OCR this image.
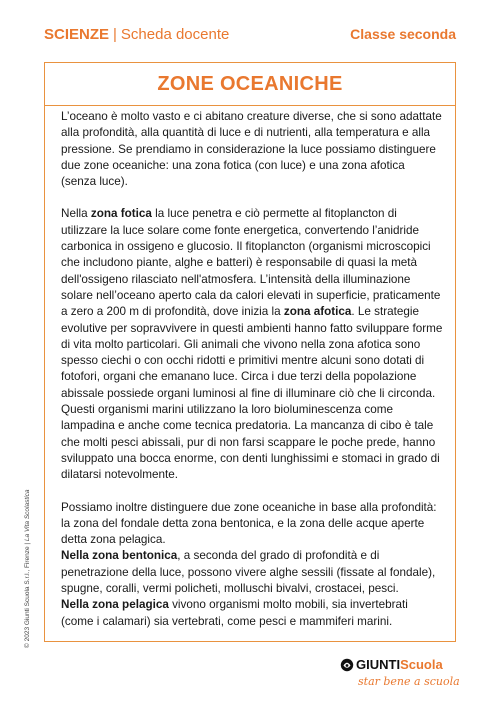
SCIENZE | Scheda docente	Classe seconda
ZONE OCEANICHE

L’oceano è molto vasto e ci abitano creature diverse, che si sono adattate alla profondità, alla quantità di luce e di nutrienti, alla temperatura e alla pressione. Se prendiamo in considerazione la luce possiamo distinguere due zone oceaniche: una zona fotica (con luce) e una zona afotica (senza luce).

Nella zona fotica la luce penetra e ciò permette al fitoplancton di utilizzare la luce solare come fonte energetica, convertendo l’anidride carbonica in ossigeno e glucosio. Il fitoplancton (organismi microscopici che includono piante, alghe e batteri) è responsabile di quasi la metà dell'ossigeno rilasciato nell'atmosfera. L’intensità della illuminazione solare nell’oceano aperto cala da calori elevati in superficie, praticamente a zero a 200 m di profondità, dove inizia la zona afotica. Le strategie evolutive per sopravvivere in questi ambienti hanno fatto sviluppare forme di vita molto particolari. Gli animali che vivono nella zona afotica sono spesso ciechi o con occhi ridotti e primitivi mentre alcuni sono dotati di fotofori, organi che emanano luce. Circa i due terzi della popolazione abissale possiede organi luminosi al fine di illuminare ciò che li circonda. Questi organismi marini utilizzano la loro bioluminescenza come lampadina e anche come tecnica predatoria. La mancanza di cibo è tale che molti pesci abissali, pur di non farsi scappare le poche prede, hanno sviluppato una bocca enorme, con denti lunghissimi e stomaci in grado di dilatarsi notevolmente.

Possiamo inoltre distinguere due zone oceaniche in base alla profondità: la zona del fondale detta zona bentonica, e la zona delle acque aperte detta zona pelagica.

Nella zona bentonica, a seconda del grado di profondità e di penetrazione della luce, possono vivere alghe sessili (fissate al fondale), spugne, coralli, vermi policheti, molluschi bivalvi, crostacei, pesci.

Nella zona pelagica vivono organismi molto mobili, sia invertebrati (come i calamari) sia vertebrati, come pesci e mammiferi marini.

© 2023 Giunti Scuola S.r.l., Firenze | La Vita Scolastica
GIUNTIScuola
star bene a scuola
